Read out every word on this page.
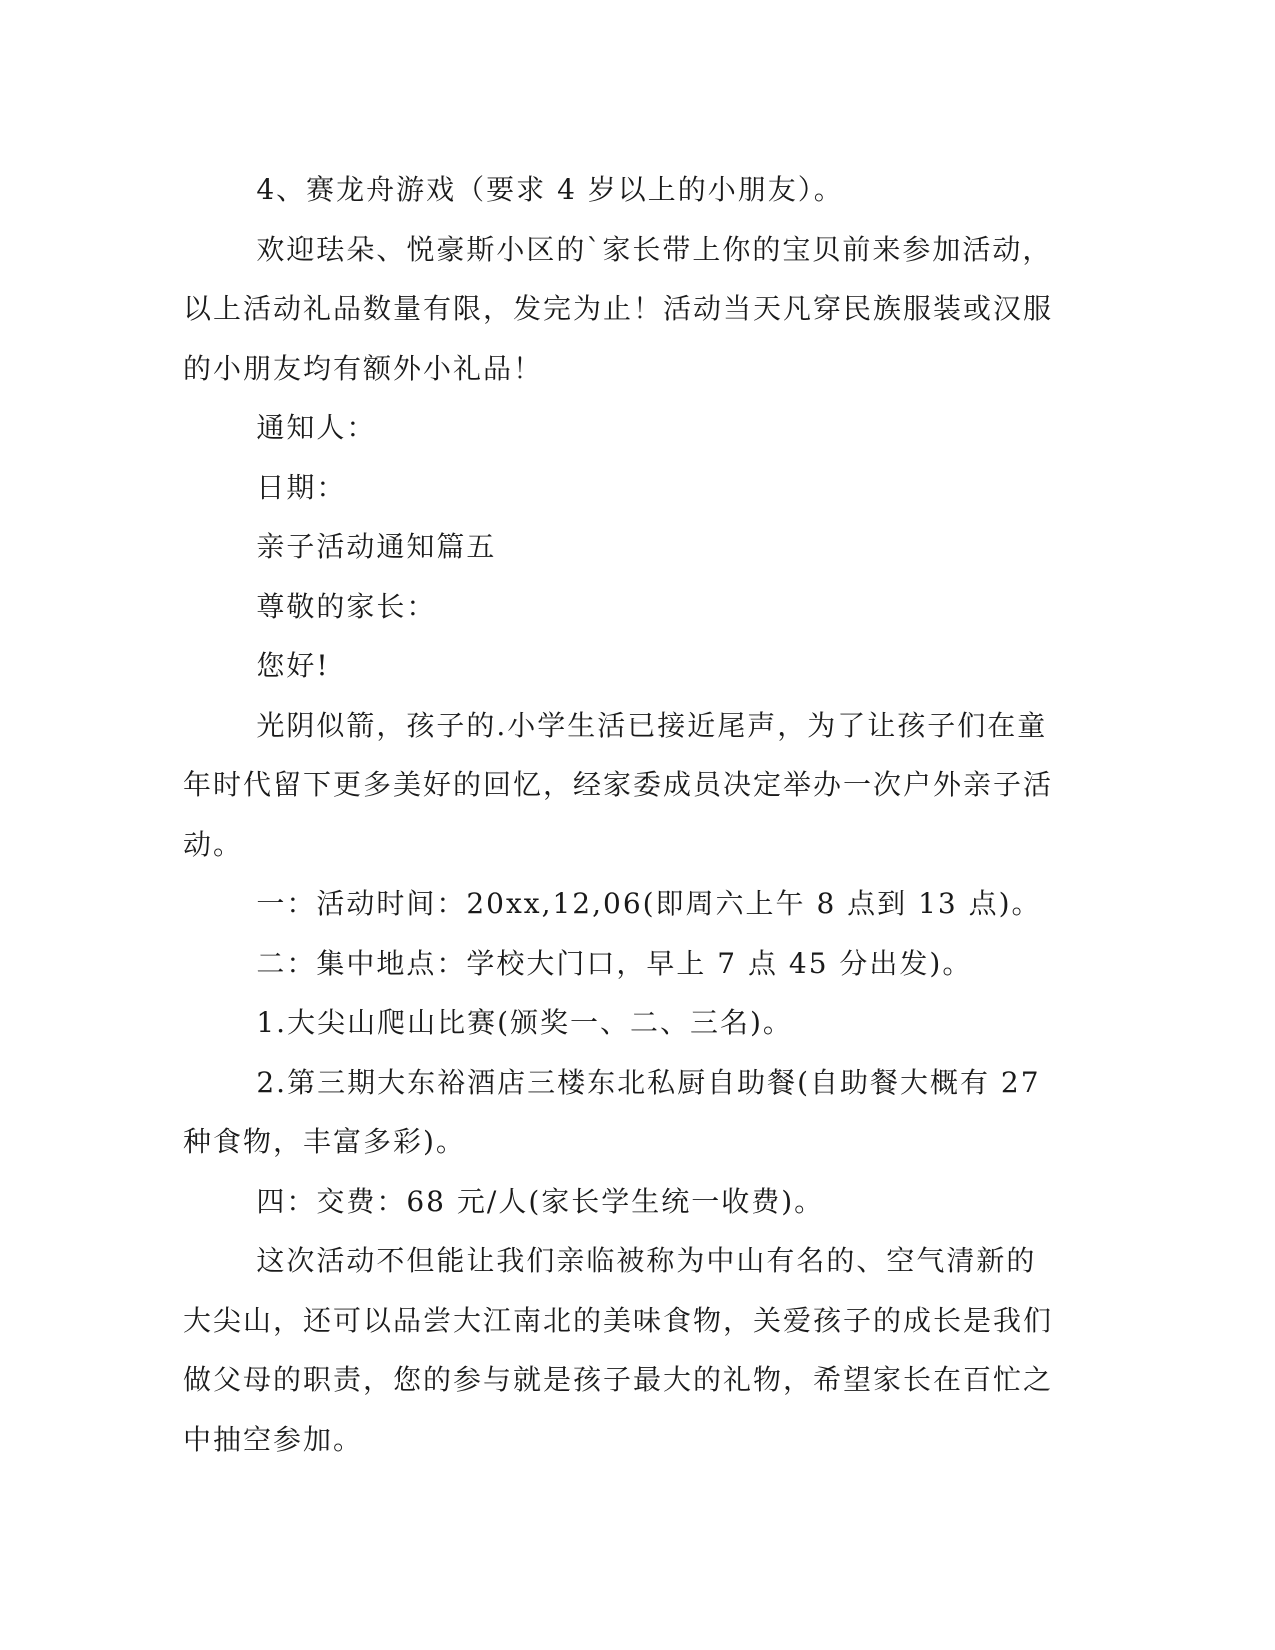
4、赛龙舟游戏（要求 4 岁以上的小朋友）。

欢迎珐朵、悦豪斯小区的`家长带上你的宝贝前来参加活动，以上活动礼品数量有限，发完为止！活动当天凡穿民族服装或汉服的小朋友均有额外小礼品！

通知人：

日期：

亲子活动通知篇五

尊敬的家长：

您好!

光阴似箭，孩子的.小学生活已接近尾声，为了让孩子们在童年时代留下更多美好的回忆，经家委成员决定举办一次户外亲子活动。

一：活动时间：20xx,12,06(即周六上午 8 点到 13 点)。

二：集中地点：学校大门口，早上 7 点 45 分出发)。

1.大尖山爬山比赛(颁奖一、二、三名)。

2.第三期大东裕酒店三楼东北私厨自助餐(自助餐大概有 27 种食物，丰富多彩)。

四：交费：68 元/人(家长学生统一收费)。

这次活动不但能让我们亲临被称为中山有名的、空气清新的大尖山，还可以品尝大江南北的美味食物，关爱孩子的成长是我们做父母的职责，您的参与就是孩子最大的礼物，希望家长在百忙之中抽空参加。
